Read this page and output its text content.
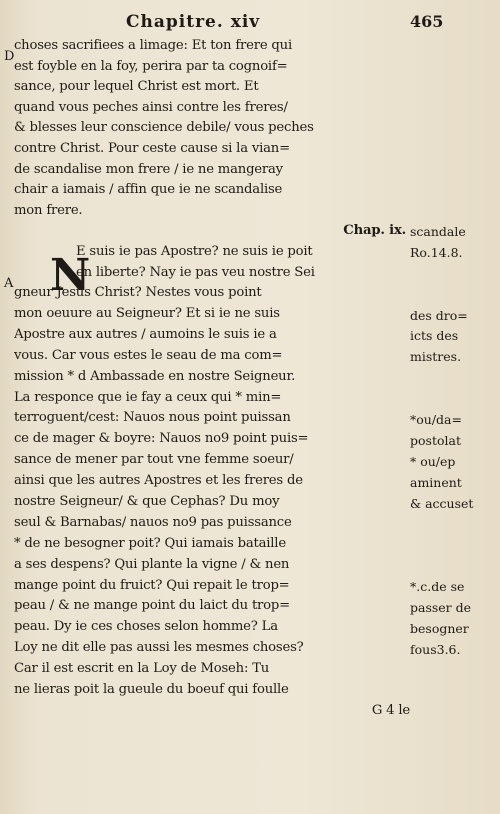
Chapitre. xiv	465
D
A
choses sacrifiees a limage: Et ton frere qui
est foyble en la foy, perira par ta cognoif=
sance, pour lequel Christ est mort. Et
quand vous peches ainsi contre les freres/
& blesses leur conscience debile/ vous peches
contre Christ. Pour ceste cause si la vian=
de scandalise mon frere / ie ne mangeray
chair a iamais / affin que ie ne scandalise
mon frere.
Chap. ix.
E suis ie pas Apostre? ne suis ie poit
en liberte? Nay ie pas veu nostre Sei
gneur Jesus Christ? Nestes vous point
mon oeuure au Seigneur? Et si ie ne suis
Apostre aux autres / aumoins le suis ie a
vous. Car vous estes le seau de ma com=
mission * d Ambassade en nostre Seigneur.
La responce que ie fay a ceux qui * min=
terroguent/cest: Nauos nous point puissan
ce de mager & boyre: Nauos no9 point puis=
sance de mener par tout vne femme soeur/
ainsi que les autres Apostres et les freres de
nostre Seigneur/ & que Cephas? Du moy
seul & Barnabas/ nauos no9 pas puissance
* de ne besogner poit? Qui iamais bataille
a ses despens? Qui plante la vigne / & nen
mange point du fruict? Qui repait le trop=
peau / & ne mange point du laict du trop=
peau. Dy ie ces choses selon homme? La
Loy ne dit elle pas aussi les mesmes choses?
Car il est escrit en la Loy de Moseh: Tu
ne lieras poit la gueule du boeuf qui foulle
G 4 le
N
scandale
Ro.14.8.
des dro=
icts des
mistres.
*ou/da=
postolat
* ou/ep
aminent
& accuset
*.c.de se
passer de
besogner
fous3.6.
